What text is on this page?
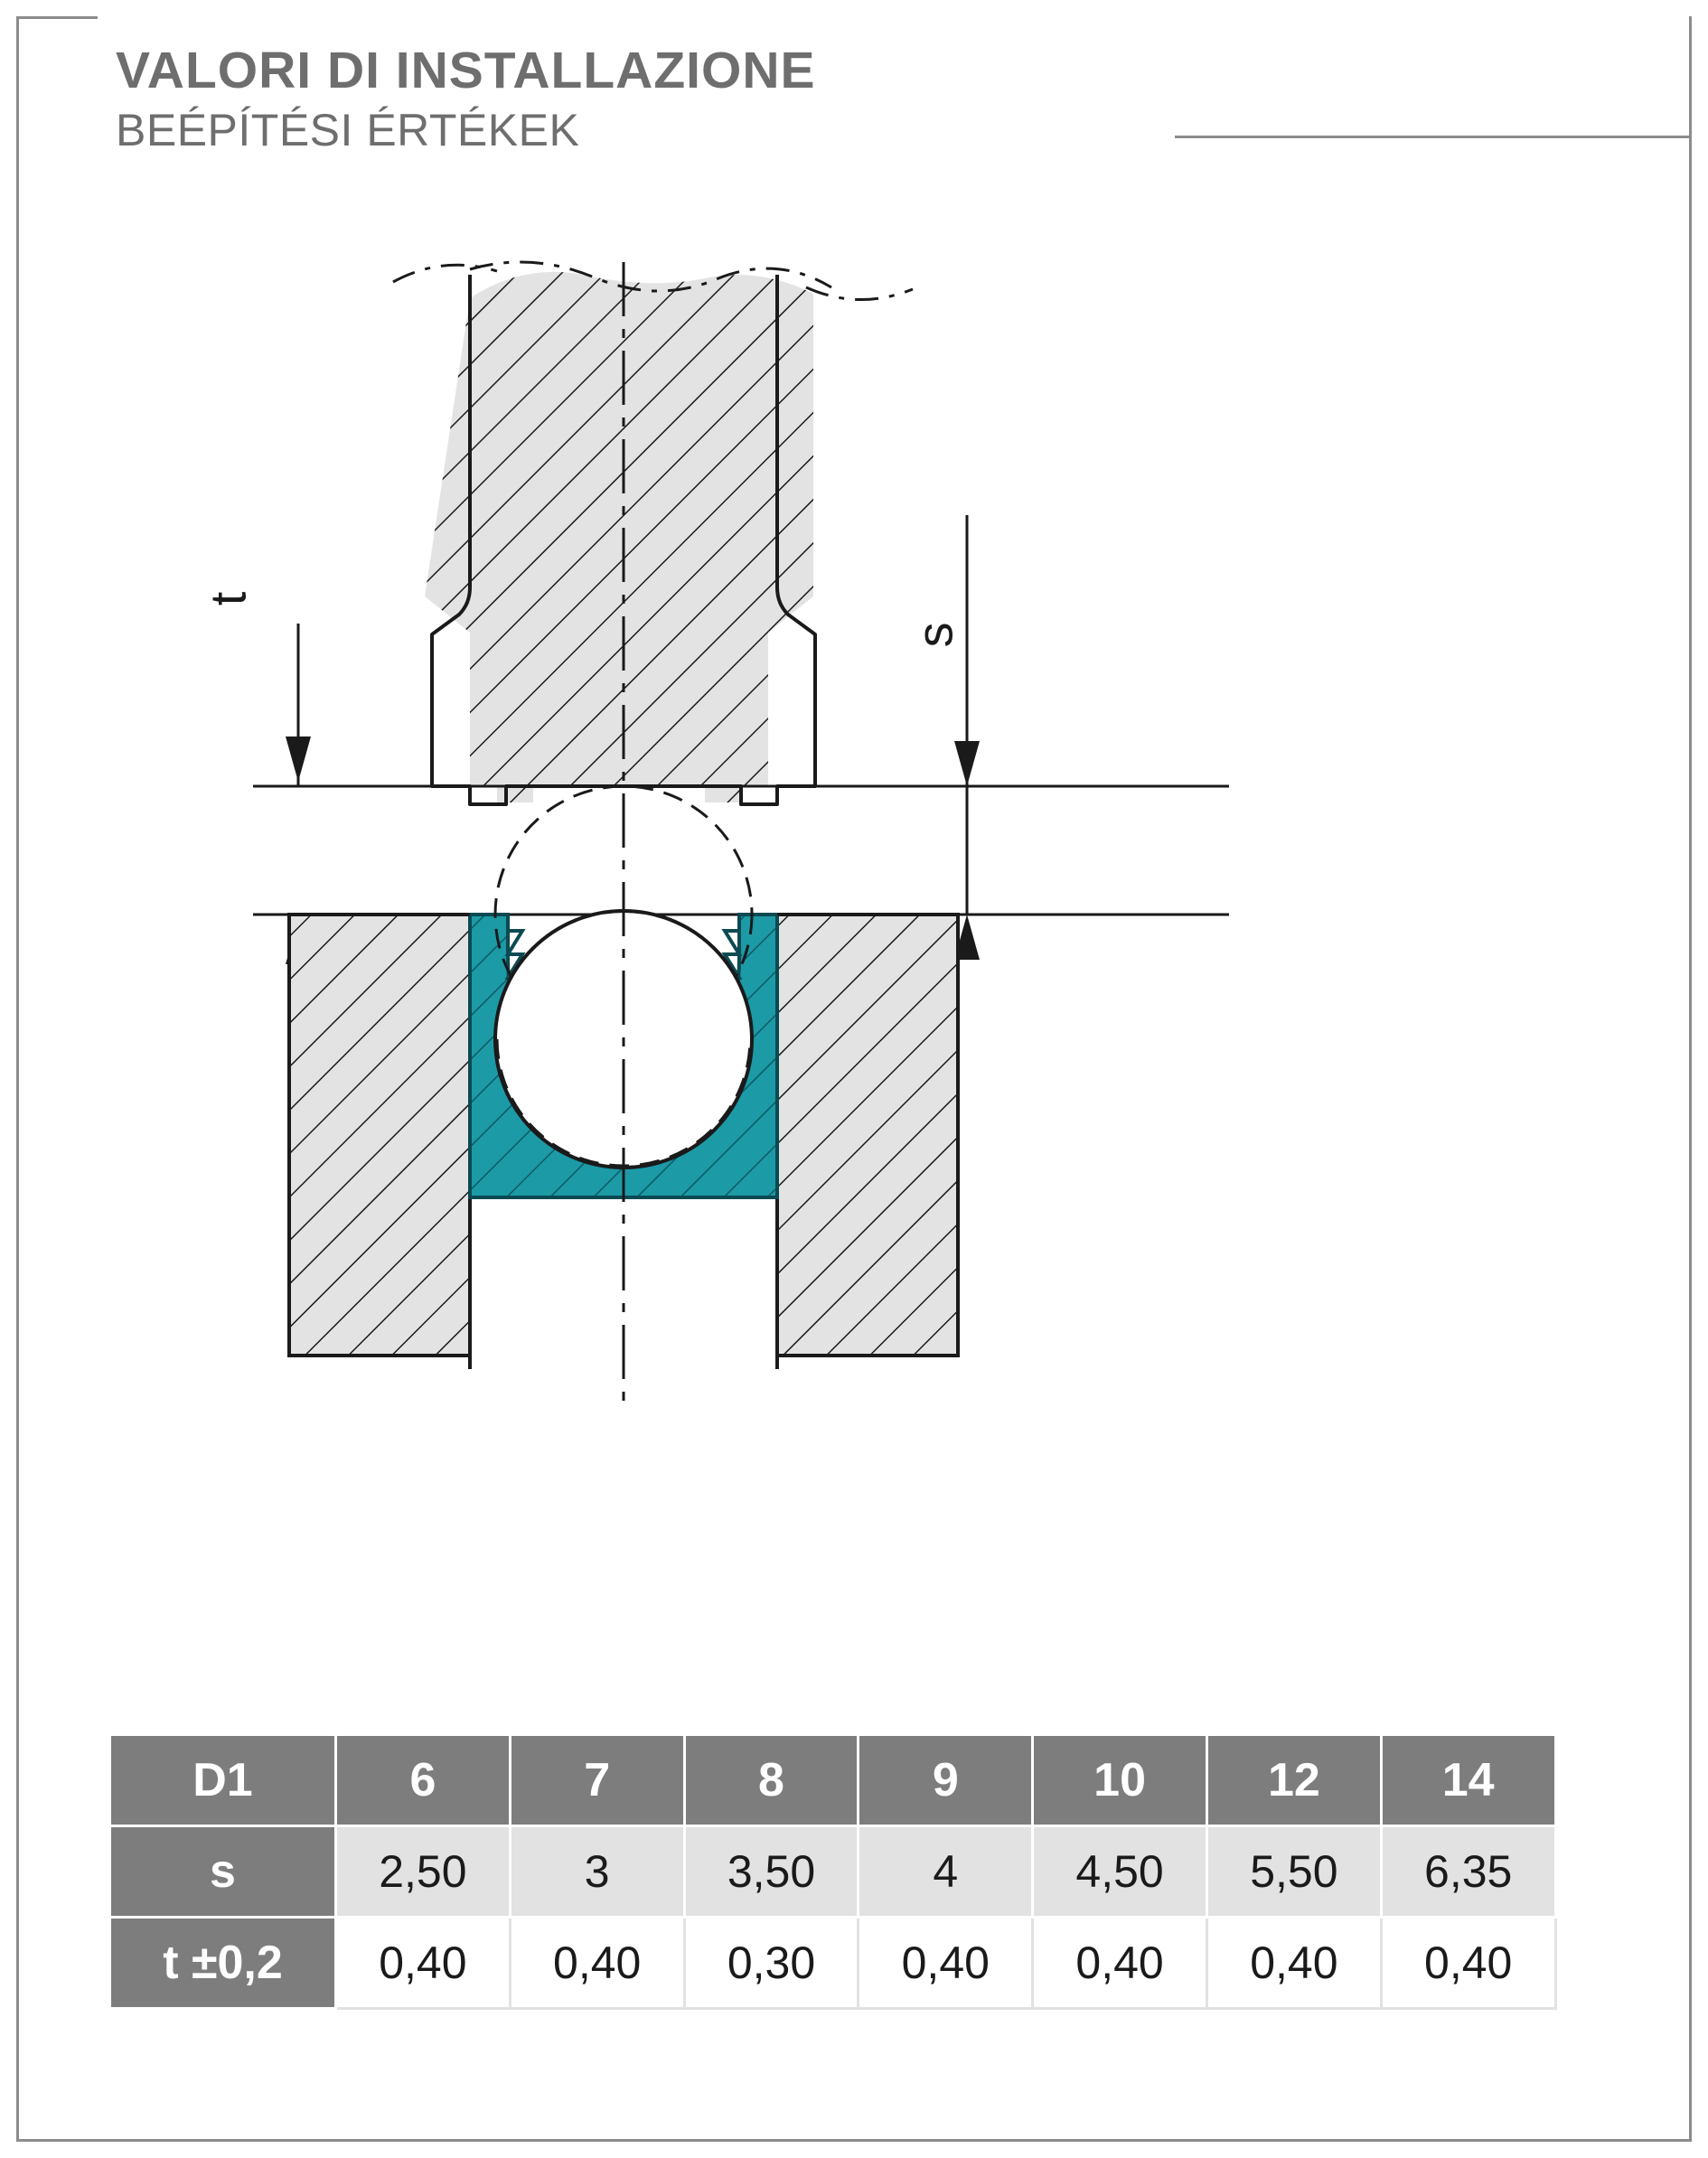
VALORI DI INSTALLAZIONE
BEÉPÍTÉSI ÉRTÉKEK
t
s
D1	6	7	8	9	10	12	14
s	2,50	3	3,50	4	4,50	5,50	6,35
t ±0,2	0,40	0,40	0,30	0,40	0,40	0,40	0,40
